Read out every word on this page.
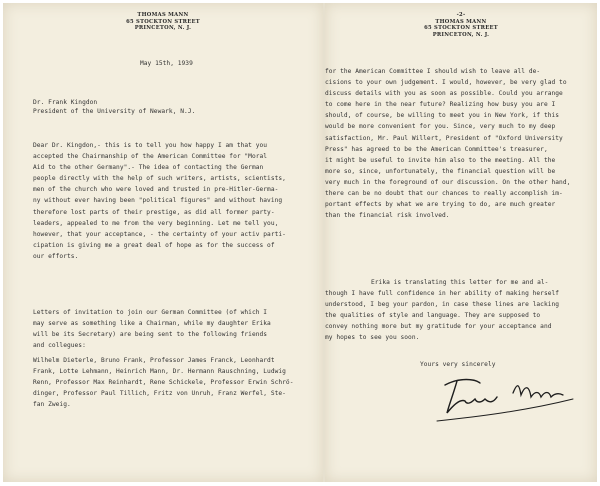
THOMAS MANN
65 STOCKTON STREET
PRINCETON, N. J.
May 15th, 1939
Dr. Frank Kingdon
President of the University of Newark, N.J.
Dear Dr. Kingdon,- this is to tell you how happy I am that you
accepted the Chairmanship of the American Committee for "Moral
Aid to the other Germany".- The idea of contacting the German
people directly with the help of such writers, artists, scientists,
men of the church who were loved and trusted in pre-Hitler-Germa-
ny without ever having been "political figures" and without having
therefore lost parts of their prestige, as did all former party-
leaders, appealed to me from the very beginning. Let me tell you,
however, that your acceptance, - the certainty of your activ parti-
cipation is giving me a great deal of hope as for the success of
our efforts.
Letters of invitation to join our German Committee (of which I
may serve as something like a Chairman, while my daughter Erika
will be its Secretary) are being sent to the following friends
and collegues:
Wilhelm Dieterle, Bruno Frank, Professor James Franck, Leonhardt
Frank, Lotte Lehmann, Heinrich Mann, Dr. Hermann Rauschning, Ludwig
Renn, Professor Max Reinhardt, Rene Schickele, Professor Erwin Schrö-
dinger, Professor Paul Tillich, Fritz von Unruh, Franz Werfel, Ste-
fan Zweig.
-2-
THOMAS MANN
65 STOCKTON STREET
PRINCETON, N. J.
for the American Committee I should wish to leave all de-
cisions to your own judgement. I would, however, be very glad to
discuss details with you as soon as possible. Could you arrange
to come here in the near future? Realizing how busy you are I
should, of course, be willing to meet you in New York, if this
would be more convenient for you. Since, very much to my deep
satisfaction, Mr. Paul Willert, President of "Oxford University
Press" has agreed to be the American Committee's treasurer,
it might be useful to invite him also to the meeting. All the
more so, since, unfortunately, the financial question will be
very much in the foreground of our discussion. On the other hand,
there can be no doubt that our chances to really accomplish im-
portant effects by what we are trying to do, are much greater
than the financial risk involved.
Erika is translating this letter for me and al-
though I have full confidence in her ability of making herself
understood, I beg your pardon, in case these lines are lacking
the qualities of style and language. They are supposed to
convey nothing more but my gratitude for your acceptance and
my hopes to see you soon.
Yours very sincerely
